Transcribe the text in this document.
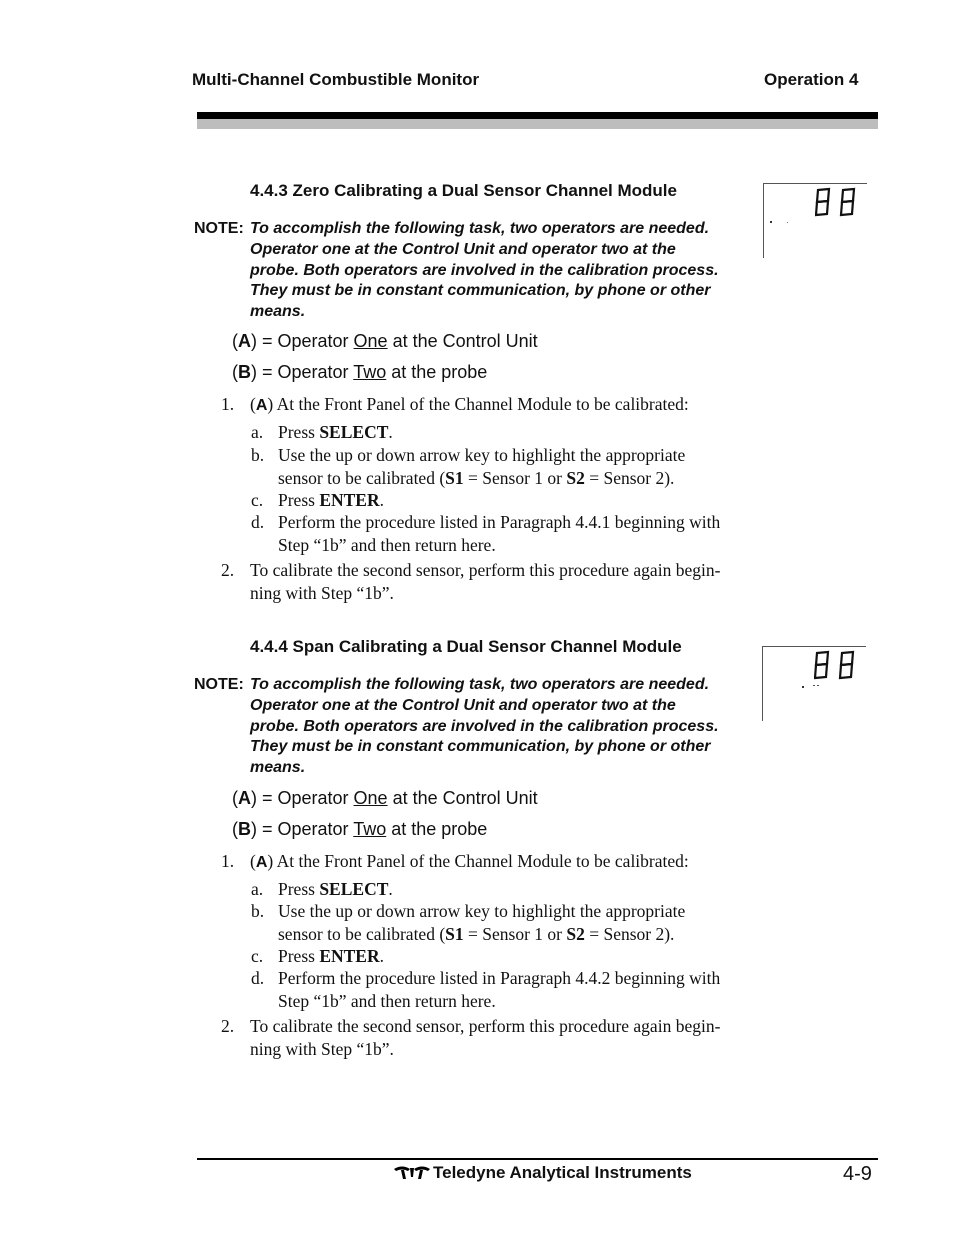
Multi-Channel Combustible Monitor	Operation 4
4.4.3 Zero Calibrating a Dual Sensor Channel Module
NOTE: To accomplish the following task, two operators are needed.
Operator one at the Control Unit and operator two at the
probe. Both operators are involved in the calibration process.
They must be in constant communication, by phone or other
means.
(A) = Operator One at the Control Unit
(B) = Operator Two at the probe
1. (A) At the Front Panel of the Channel Module to be calibrated:
a. Press SELECT.
b. Use the up or down arrow key to highlight the appropriate
sensor to be calibrated (S1 = Sensor 1 or S2 = Sensor 2).
c. Press ENTER.
d. Perform the procedure listed in Paragraph 4.4.1 beginning with
Step “1b” and then return here.
2. To calibrate the second sensor, perform this procedure again begin-
ning with Step “1b”.
4.4.4 Span Calibrating a Dual Sensor Channel Module
NOTE: To accomplish the following task, two operators are needed.
Operator one at the Control Unit and operator two at the
probe. Both operators are involved in the calibration process.
They must be in constant communication, by phone or other
means.
(A) = Operator One at the Control Unit
(B) = Operator Two at the probe
1. (A) At the Front Panel of the Channel Module to be calibrated:
a. Press SELECT.
b. Use the up or down arrow key to highlight the appropriate
sensor to be calibrated (S1 = Sensor 1 or S2 = Sensor 2).
c. Press ENTER.
d. Perform the procedure listed in Paragraph 4.4.2 beginning with
Step “1b” and then return here.
2. To calibrate the second sensor, perform this procedure again begin-
ning with Step “1b”.
Teledyne Analytical Instruments	4-9
